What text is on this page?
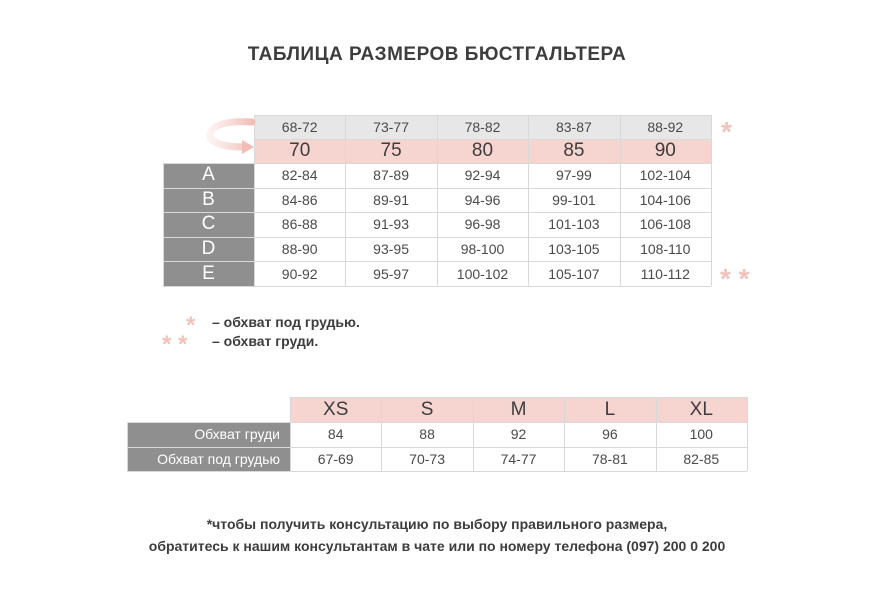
ТАБЛИЦА РАЗМЕРОВ БЮСТГАЛЬТЕРА
68-72	73-77	78-82	83-87	88-92
70	75	80	85	90
A	82-84	87-89	92-94	97-99	102-104
B	84-86	89-91	94-96	99-101	104-106
C	86-88	91-93	96-98	101-103	106-108
D	88-90	93-95	98-100	103-105	108-110
E	90-92	95-97	100-102	105-107	110-112
*
* *
* – обхват под грудью.
* * – обхват груди.
XS	S	M	L	XL
Обхват груди	84	88	92	96	100
Обхват под грудью	67-69	70-73	74-77	78-81	82-85
*чтобы получить консультацию по выбору правильного размера,
обратитесь к нашим консультантам в чате или по номеру телефона (097) 200 0 200
